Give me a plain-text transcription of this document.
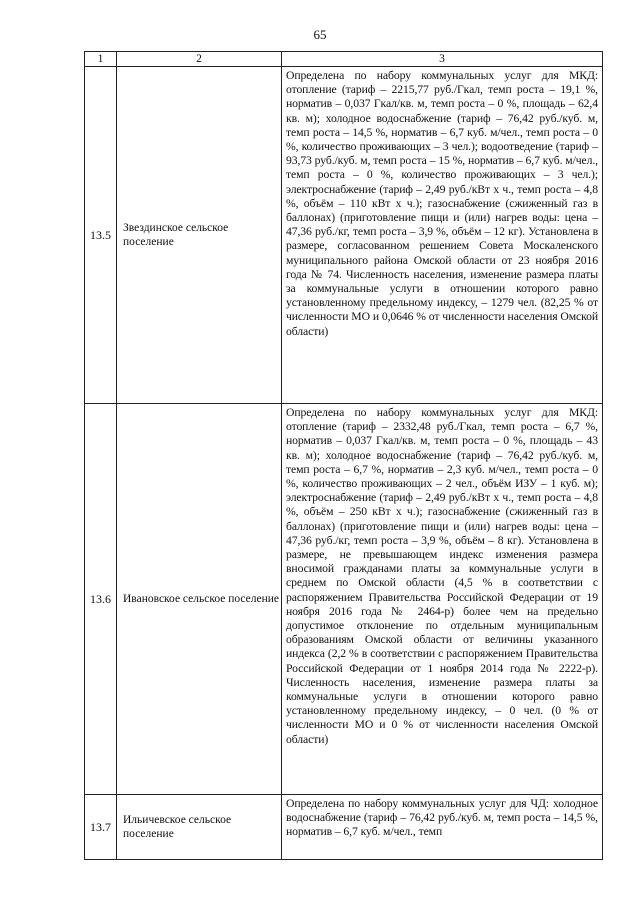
65
1	2	3
13.5	Звездинское сельское поселение	Определена по набору коммунальных услуг для МКД: отопление (тариф – 2215,77 руб./Гкал, темп роста – 19,1 %, норматив – 0,037 Гкал/кв. м, темп роста – 0 %, площадь – 62,4 кв. м); холодное водоснабжение (тариф – 76,42 руб./куб. м, темп роста – 14,5 %, норматив – 6,7 куб. м/чел., темп роста – 0 %, количество проживающих – 3 чел.); водоотведение (тариф – 93,73 руб./куб. м, темп роста – 15 %, норматив – 6,7 куб. м/чел., темп роста – 0 %, количество проживающих – 3 чел.); электроснабжение (тариф – 2,49 руб./кВт х ч., темп роста – 4,8 %, объём – 110 кВт х ч.); газоснабжение (сжиженный газ в баллонах) (приготовление пищи и (или) нагрев воды: цена – 47,36 руб./кг, темп роста – 3,9 %, объём – 12 кг). Установлена в размере, согласованном решением Совета Москаленского муниципального района Омской области от 23 ноября 2016 года № 74. Численность населения, изменение размера платы за коммунальные услуги в отношении которого равно установленному предельному индексу, – 1279 чел. (82,25 % от численности МО и 0,0646 % от численности населения Омской области)
13.6	Ивановское сельское поселение	Определена по набору коммунальных услуг для МКД: отопление (тариф – 2332,48 руб./Гкал, темп роста – 6,7 %, норматив – 0,037 Гкал/кв. м, темп роста – 0 %, площадь – 43 кв. м); холодное водоснабжение (тариф – 76,42 руб./куб. м, темп роста – 6,7 %, норматив – 2,3 куб. м/чел., темп роста – 0 %, количество проживающих – 2 чел., объём ИЗУ – 1 куб. м); электроснабжение (тариф – 2,49 руб./кВт х ч., темп роста – 4,8 %, объём – 250 кВт х ч.); газоснабжение (сжиженный газ в баллонах) (приготовление пищи и (или) нагрев воды: цена – 47,36 руб./кг, темп роста – 3,9 %, объём – 8 кг). Установлена в размере, не превышающем индекс изменения размера вносимой гражданами платы за коммунальные услуги в среднем по Омской области (4,5 % в соответствии с распоряжением Правительства Российской Федерации от 19 ноября 2016 года № 2464-р) более чем на предельно допустимое отклонение по отдельным муниципальным образованиям Омской области от величины указанного индекса (2,2 % в соответствии с распоряжением Правительства Российской Федерации от 1 ноября 2014 года № 2222-р). Численность населения, изменение размера платы за коммунальные услуги в отношении которого равно установленному предельному индексу, – 0 чел. (0 % от численности МО и 0 % от численности населения Омской области)
13.7	Ильичевское сельское поселение	Определена по набору коммунальных услуг для ЧД: холодное водоснабжение (тариф – 76,42 руб./куб. м, темп роста – 14,5 %, норматив – 6,7 куб. м/чел., темп
